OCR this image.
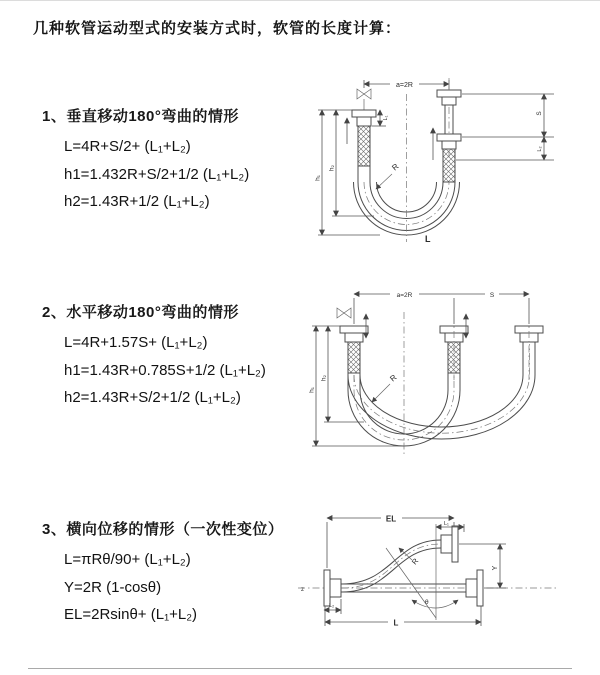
几种软管运动型式的安装方式时，软管的长度计算：
1、垂直移动180°弯曲的情形
L=4R+S/2+ (L₁+L₂)
h1=1.432R+S/2+1/2 (L₁+L₂)
h2=1.43R+1/2 (L₁+L₂)
a=2R
R
L
h₁
h₂
L₁
S
L₂
2、水平移动180°弯曲的情形
L=4R+1.57S+ (L₁+L₂)
h1=1.43R+0.785S+1/2 (L₁+L₂)
h2=1.43R+S/2+1/2 (L₁+L₂)
a=2R	S
h₁
h₂	R
3、横向位移的情形（一次性变位）
L=πRθ/90+ (L₁+L₂)
Y=2R (1-cosθ)
EL=2Rsinθ+ (L₁+L₂)
z
θ
R
EL
L₁
Y
L
L₂
